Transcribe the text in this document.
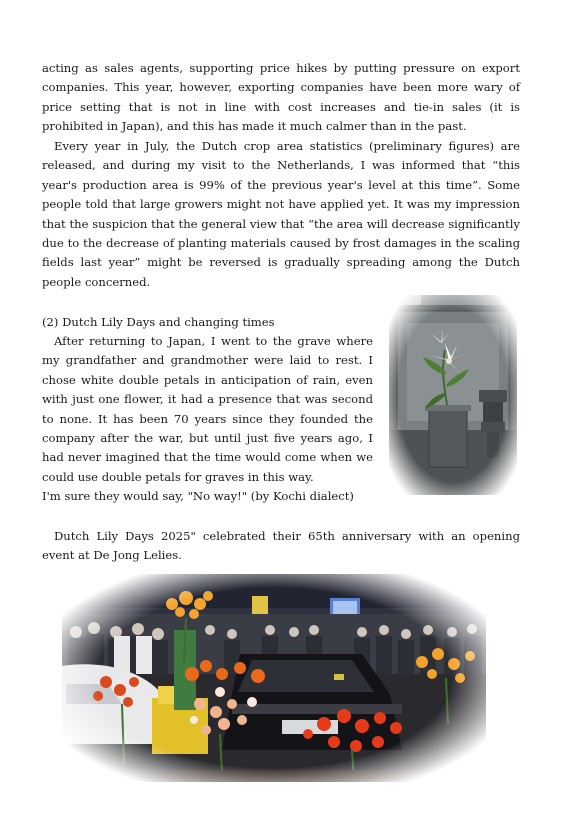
acting as sales agents, supporting price hikes by putting pressure on export companies. This year, however, exporting companies have been more wary of price setting that is not in line with cost increases and tie-in sales (it is prohibited in Japan), and this has made it much calmer than in the past.

Every year in July, the Dutch crop area statistics (preliminary figures) are released, and during my visit to the Netherlands, I was informed that “this year's production area is 99% of the previous year's level at this time”. Some people told that large growers might not have applied yet. It was my impression that the suspicion that the general view that “the area will decrease significantly due to the decrease of planting materials caused by frost damages in the scaling fields last year” might be reversed is gradually spreading among the Dutch people concerned.

(2) Dutch Lily Days and changing times

After returning to Japan, I went to the grave where my grandfather and grandmother were laid to rest. I chose white double petals in anticipation of rain, even with just one flower, it had a presence that was second to none. It has been 70 years since they founded the company after the war, but until just five years ago, I had never imagined that the time would come when we could use double petals for graves in this way.

I'm sure they would say, "No way!" (by Kochi dialect)

Dutch Lily Days 2025" celebrated their 65th anniversary with an opening event at De Jong Lelies.
